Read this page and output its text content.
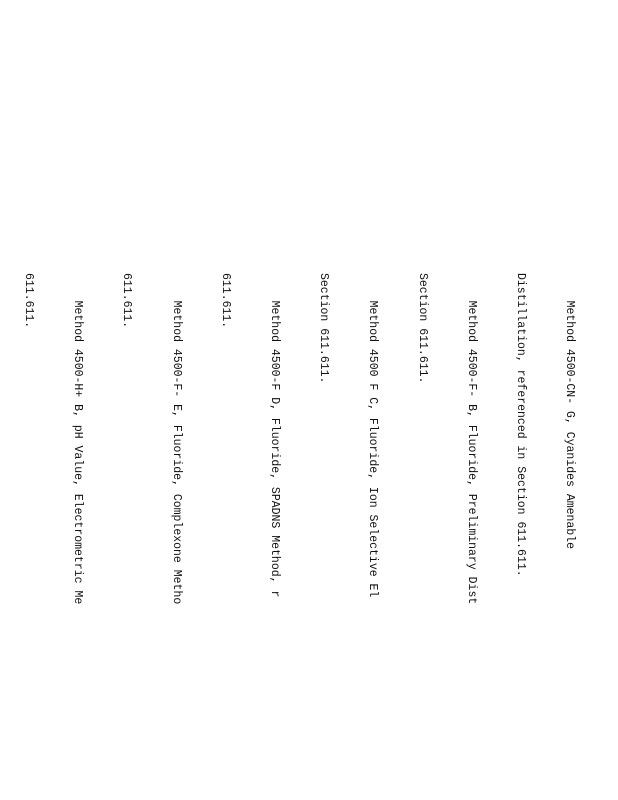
Method 4500-CN- G, Cyanides Amenable

Distillation, referenced in Section 611.611.

Method 4500-F- B, Fluoride, Preliminary Dist

Section 611.611.

Method 4500 F C, Fluoride, Ion Selective El

Section 611.611.

Method 4500-F D, Fluoride, SPADNS Method, r

611.611.

Method 4500-F- E, Fluoride, Complexone Metho

611.611.

Method 4500-H+ B, pH Value, Electrometric Me

611.611.
